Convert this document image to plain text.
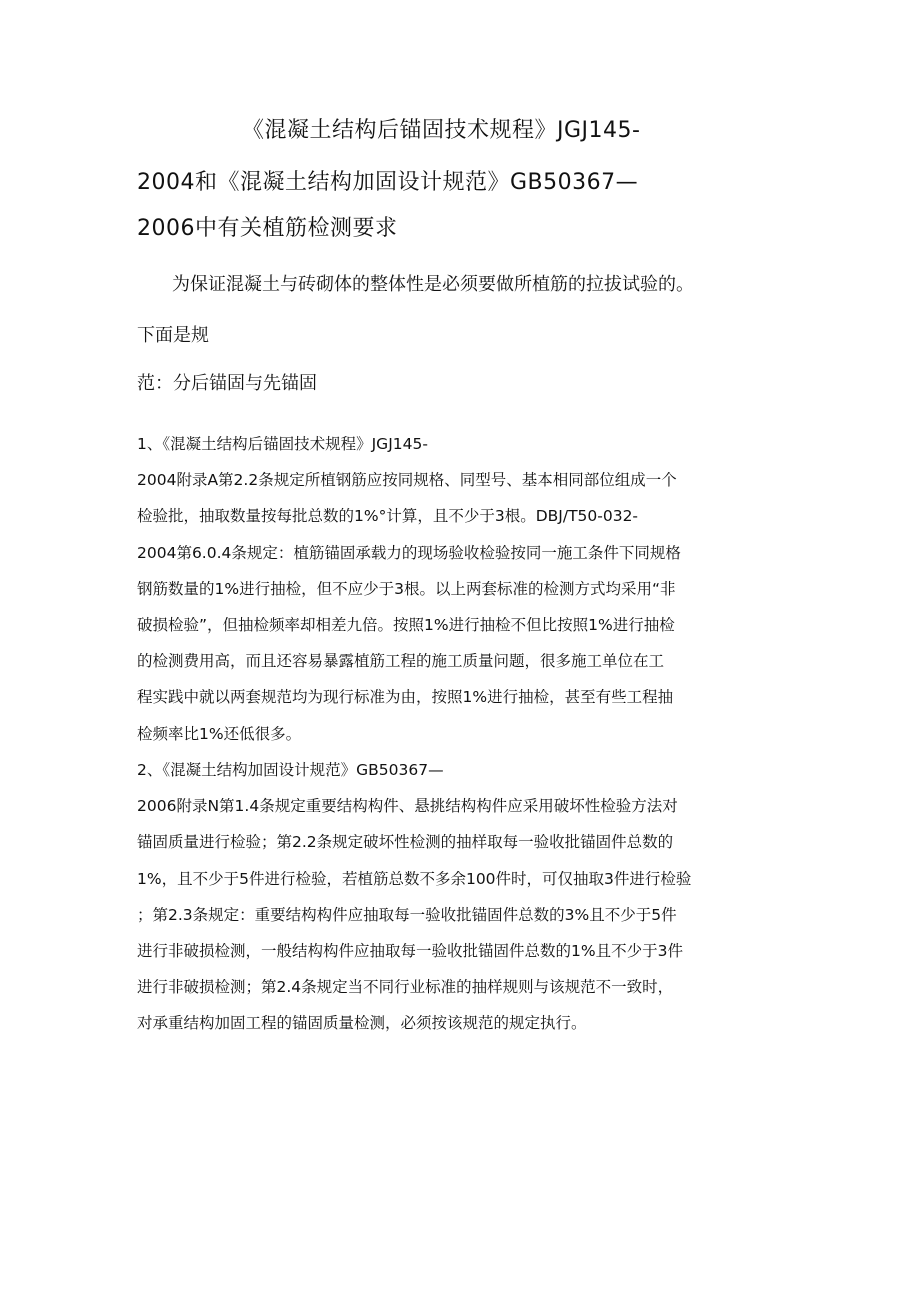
《混凝土结构后锚固技术规程》JGJ145-
2004和《混凝土结构加固设计规范》GB50367—
2006中有关植筋检测要求
为保证混凝土与砖砌体的整体性是必须要做所植筋的拉拔试验的。
下面是规
范：分后锚固与先锚固
1、《混凝土结构后锚固技术规程》JGJ145-
2004附录A第2.2条规定所植钢筋应按同规格、同型号、基本相同部位组成一个
检验批，抽取数量按每批总数的1%°计算，且不少于3根。DBJ/T50-032-
2004第6.0.4条规定：植筋锚固承载力的现场验收检验按同一施工条件下同规格
钢筋数量的1%进行抽检，但不应少于3根。以上两套标准的检测方式均采用“非
破损检验”，但抽检频率却相差九倍。按照1%进行抽检不但比按照1%进行抽检
的检测费用高，而且还容易暴露植筋工程的施工质量问题，很多施工单位在工
程实践中就以两套规范均为现行标准为由，按照1%进行抽检，甚至有些工程抽
检频率比1%还低很多。
2、《混凝土结构加固设计规范》GB50367—
2006附录N第1.4条规定重要结构构件、悬挑结构构件应采用破坏性检验方法对
锚固质量进行检验；第2.2条规定破坏性检测的抽样取每一验收批锚固件总数的
1%，且不少于5件进行检验，若植筋总数不多余100件时，可仅抽取3件进行检验
；第2.3条规定：重要结构构件应抽取每一验收批锚固件总数的3%且不少于5件
进行非破损检测，一般结构构件应抽取每一验收批锚固件总数的1%且不少于3件
进行非破损检测；第2.4条规定当不同行业标准的抽样规则与该规范不一致时，
对承重结构加固工程的锚固质量检测，必须按该规范的规定执行。
